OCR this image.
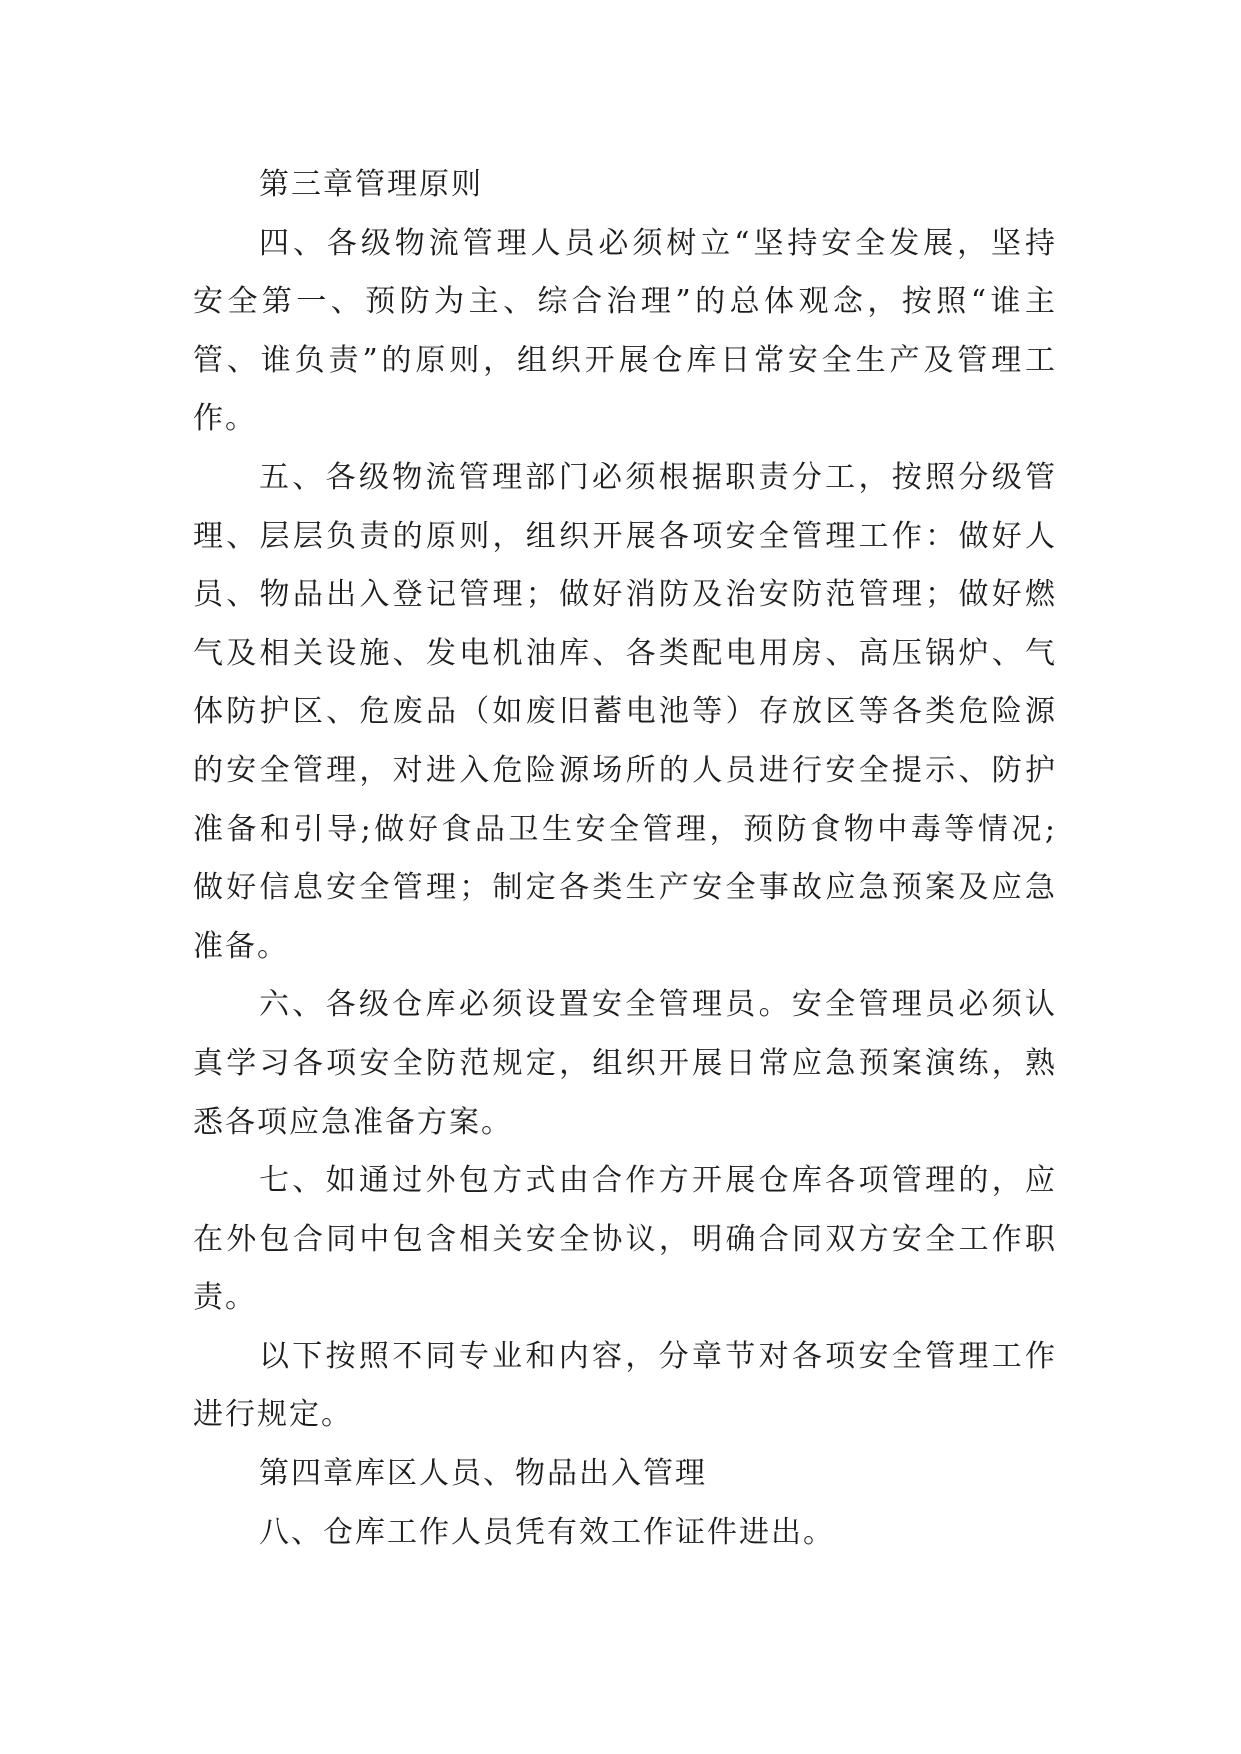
第三章管理原则
四、各级物流管理人员必须树立“坚持安全发展，坚持
安全第一、预防为主、综合治理”的总体观念，按照“谁主
管、谁负责”的原则，组织开展仓库日常安全生产及管理工
作。
五、各级物流管理部门必须根据职责分工，按照分级管
理、层层负责的原则，组织开展各项安全管理工作：做好人
员、物品出入登记管理；做好消防及治安防范管理；做好燃
气及相关设施、发电机油库、各类配电用房、高压锅炉、气
体防护区、危废品（如废旧蓄电池等）存放区等各类危险源
的安全管理，对进入危险源场所的人员进行安全提示、防护
准备和引导;做好食品卫生安全管理，预防食物中毒等情况;
做好信息安全管理；制定各类生产安全事故应急预案及应急
准备。
六、各级仓库必须设置安全管理员。安全管理员必须认
真学习各项安全防范规定，组织开展日常应急预案演练，熟
悉各项应急准备方案。
七、如通过外包方式由合作方开展仓库各项管理的，应
在外包合同中包含相关安全协议，明确合同双方安全工作职
责。
以下按照不同专业和内容，分章节对各项安全管理工作
进行规定。
第四章库区人员、物品出入管理
八、仓库工作人员凭有效工作证件进出。
